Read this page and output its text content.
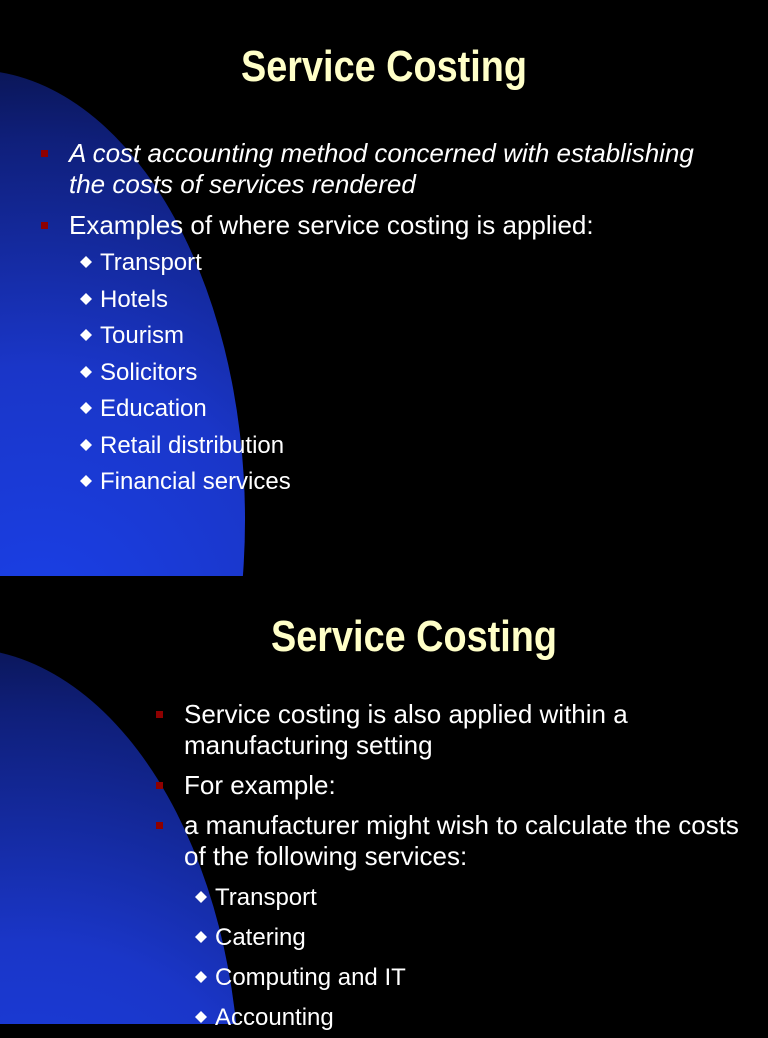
Service Costing
Service Costing
A cost accounting method concerned with establishing the costs of services rendered
Examples of where service costing is applied:
Transport
Hotels
Tourism
Solicitors
Education
Retail distribution
Financial services
Service costing is also applied within a manufacturing setting
For example:
a manufacturer might wish to calculate the costs of the following services:
Transport
Catering
Computing and IT
Accounting
